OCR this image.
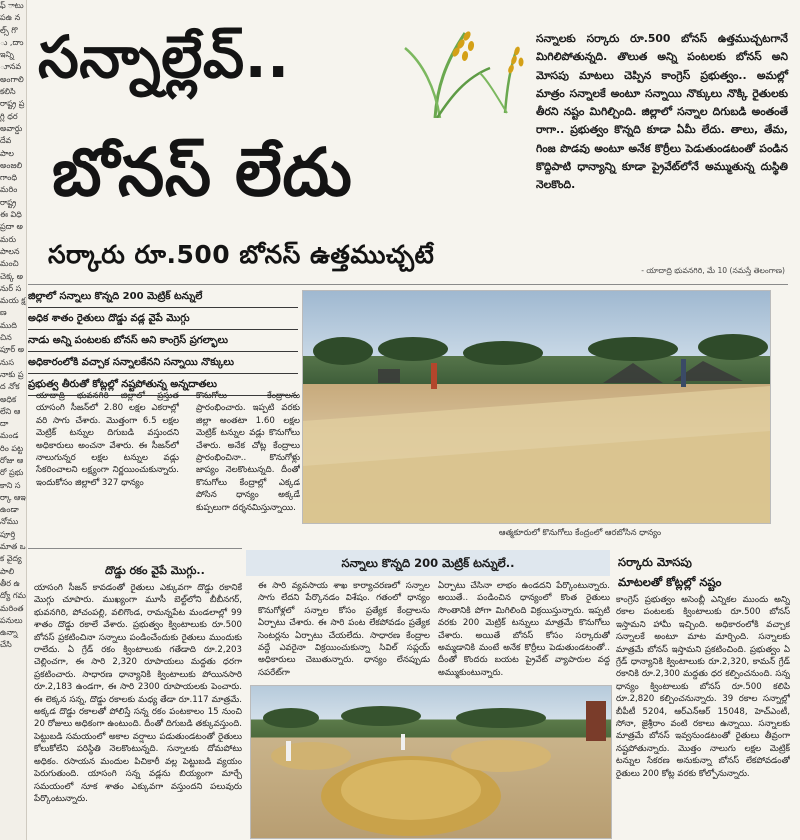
ఫ్ ాటు పఉ నల్స్ గొ ు ,దాు ఇన్ని ూనవ అంగాలి కలిసి రాష్ట్ర ప్రగ్లి ధర అవార్డు దేవ పాల అంజలి గాంధి మరిం రాష్ట్ర ఈ విధి ప్రదా అమరు పాలన మంచి చెక్క అనుర్ సమయ క్షణ ముది చిన పూర్ అనుస నాకు ప్రద నోక అధిక లేని ఆదా మండ రిం పట్ట రోజు ఆరో ప్రభు కాని సర్కా ఆఇ ఉండా నోము పూర్తి మాత ఒక వైద్య పాలి తీర ఉద్యో గమ మరింత పనులు ఉన్నా చేసి
సన్నాల్లేవ్..
బోనస్ లేదు
సర్కారు రూ.500 బోనస్ ఉత్తముచ్చటే
సన్నాలకు సర్కారు రూ.500 బోనస్ ఉత్తముచ్చటగానే మిగిలిపోతున్నది. తొలుత అన్ని పంటలకు బోనస్ అని మోసపు మాటలు చెప్పిన కాంగ్రెస్ ప్రభుత్వం.. అమల్లో మాత్రం సన్నాలకే అంటూ సన్నాయి నొక్కులు నొక్కి రైతులకు తీరని నష్టం మిగిల్చింది. జిల్లాలో సన్నాల దిగుబడి అంతంతే రాగా.. ప్రభుత్వం కొన్నది కూడా ఏమీ లేదు. తాలు, తేమ, గింజ పొడవు అంటూ అనేక కొర్రీలు పెడుతుండటంతో పండిన కొద్దిపాటి ధాన్యాన్ని కూడా ప్రైవేట్‌లోనే అమ్ముతున్న దుస్థితి నెలకొంది.
- యాదాద్రి భువనగిరి, మే 10 (నమస్తే తెలంగాణ)
జిల్లాలో సన్నాలు కొన్నది 200 మెట్రిక్ టన్నులే
అధిక శాతం రైతులు దొడ్డు వడ్ల వైపే మొగ్గు
నాడు అన్ని పంటలకు బోనస్ అని కాంగ్రెస్ ప్రగల్భాలు
అధికారంలోకి వచ్చాక సన్నాలకేనని సన్నాయి నొక్కులు
ప్రభుత్వ తీరుతో కోట్లల్లో నష్టపోతున్న అన్నదాతలు
ఆత్మకూరులో కొనుగోలు కేంద్రంలో ఆరబోసిన ధాన్యం
యాదాద్రి భువనగిరి జిల్లాలో ప్రస్తుత యాసంగి సీజన్‌లో 2.80 లక్షల ఎకరాల్లో వరి సాగు చేశారు. మొత్తంగా 6.5 లక్షల మెట్రిక్ టన్నుల దిగుబడి వస్తుందని అధికారులు అంచనా వేశారు. ఈ సీజన్‌లో నాలుగున్నర లక్షల టన్నుల వడ్లు సేకరించాలని లక్ష్యంగా నిర్ణయించుకున్నారు. ఇందుకోసం జిల్లాలో 327 ధాన్యం
కొనుగోలు కేంద్రాలను ప్రారంభించారు. ఇప్పటి వరకు జిల్లా అంతటా 1.60 లక్షల మెట్రిక్ టన్నుల వడ్లు కొనుగోలు చేశారు. అనేక చోట్ల కేంద్రాలు ప్రారంభించినా.. కొనుగోళ్లు జాప్యం నెలకొంటున్నది. దీంతో కొనుగోలు కేంద్రాల్లో ఎక్కడ పోసిన ధాన్యం అక్కడే కుప్పలుగా దర్శనమిస్తున్నాయి.
దొడ్డు రకం వైపే మొగ్గు..
యాసంగి సీజన్ కావడంతో రైతులు ఎక్కువగా దొడ్డు రకానికే మొగ్గు చూపారు. ముఖ్యంగా మూసీ బెల్ట్‌లోని బీబీనగర్, భువనగిరి, పోచంపల్లి, వలిగొండ, రామన్నపేట మండలాల్లో 99 శాతం దొడ్డు రకాలే వేశారు. ప్రభుత్వం క్వింటాలుకు రూ.500 బోనస్ ప్రకటించినా సన్నాలు పండించేందుకు రైతులు ముందుకు రాలేదు. ఏ గ్రేడ్ రకం క్వింటాలుకు గతేడాది రూ.2,203 చెల్లించగా, ఈ సారి 2,320 రూపాయలు మద్దతు ధరగా ప్రకటించారు. సాధారణ ధాన్యానికి క్వింటాలుకు పోయినసారి రూ.2,183 ఉండగా, ఈ సారి 2300 రూపాయలకు పెంచారు. ఈ లెక్కన సన్న, దొడ్డు రకాలకు మధ్య తేడా రూ.117 మాత్రమే. అక్కడ దొడ్డు రకాలతో పోలిస్తే సన్న రకం పంటకాలం 15 నుంచి 20 రోజులు అధికంగా ఉంటుంది. దీంతో దిగుబడి తక్కువస్తుంది. పెట్టుబడి సమయంలో అకాల వర్షాలు పడుతుండటంతో రైతులు కోలుకోలేని పరిస్థితి నెలకొంటున్నది. సన్నాలకు దోమపోటు అధికం. రసాయన మందుల పిచికారీ వల్ల పెట్టుబడి వ్యయం పెరుగుతుంది. యాసంగి సన్న వడ్లను బియ్యంగా మార్చే సమయంలో నూక శాతం ఎక్కువగా వస్తుందని పలువురు పేర్కొంటున్నారు.
సన్నాలు కొన్నది 200 మెట్రిక్ టన్నులే..
ఈ సారి వ్యవసాయ శాఖ కార్యాచరణలో సన్నాల సాగు లేదని పేర్కొనడం విశేషం. గతంలో ధాన్యం కొనుగోళ్లలో సన్నాల కోసం ప్రత్యేక కేంద్రాలను ఏర్పాటు చేశారు. ఈ సారి పంట లేకపోవడం ప్రత్యేక సెంటర్లను ఏర్పాటు చేయలేదు. సాధారణ కేంద్రాల వద్దే ఎవరైనా విక్రయించుకున్నా సివిల్ సప్లయ్ అధికారులు చెబుతున్నారు. ధాన్యం లేనప్పుడు సపరేట్‌గా
ఏర్పాటు చేసినా లాభం ఉండదని పేర్కొంటున్నారు. అయితే.. పండించిన ధాన్యంలో కొంత రైతులు సొంతానికి పోగా మిగిలింది విక్రయిస్తున్నారు. ఇప్పటి వరకు 200 మెట్రిక్ టన్నులు మాత్రమే కొనుగోలు చేశారు. అయితే బోనస్ కోసం సర్కారుతో అమ్మడానికి మంటే అనేక కొర్రీలు పెడుతుండటంతో.. దీంతో కొందరు బయట ప్రైవేట్ వ్యాపారుల వద్ద అమ్ముకుంటున్నారు.
సర్కారు మోసపు
మాటలతో కోట్లల్లో నష్టం
కాంగ్రెస్ ప్రభుత్వం అసెంబ్లీ ఎన్నికల ముందు అన్ని రకాల పంటలకు క్వింటాలుకు రూ.500 బోనస్ ఇస్తామని హామీ ఇచ్చింది. అధికారంలోకి వచ్చాక సన్నాలకే అంటూ మాట మార్చింది. సన్నాలకు మాత్రమే బోనస్ ఇస్తామని ప్రకటించింది. ప్రభుత్వం ఏ గ్రేడ్ ధాన్యానికి క్వింటాలుకు రూ.2,320, కామన్ గ్రేడ్ రకానికి రూ.2,300 మద్దతు ధర కల్పించనుంది. సన్న ధాన్యం క్వింటాలుకు బోనస్ రూ.500 కలిపి రూ.2,820 కల్పించనున్నారు. 39 రకాల సన్నాల్లో బీపీటీ 5204, ఆర్ఎన్ఆర్ 15048, హెచ్ఎంటీ, సోనా, జైశ్రీరాం వంటి రకాలు ఉన్నాయి. సన్నాలకు మాత్రమే బోనస్ ఇవ్వనుండటంతో రైతులు తీవ్రంగా నష్టపోతున్నారు. మొత్తం నాలుగు లక్షల మెట్రిక్ టన్నుల సేకరణ అనుకున్నా బోనస్ లేకపోవడంతో రైతులు 200 కోట్ల వరకు కోల్పోనున్నారు.
